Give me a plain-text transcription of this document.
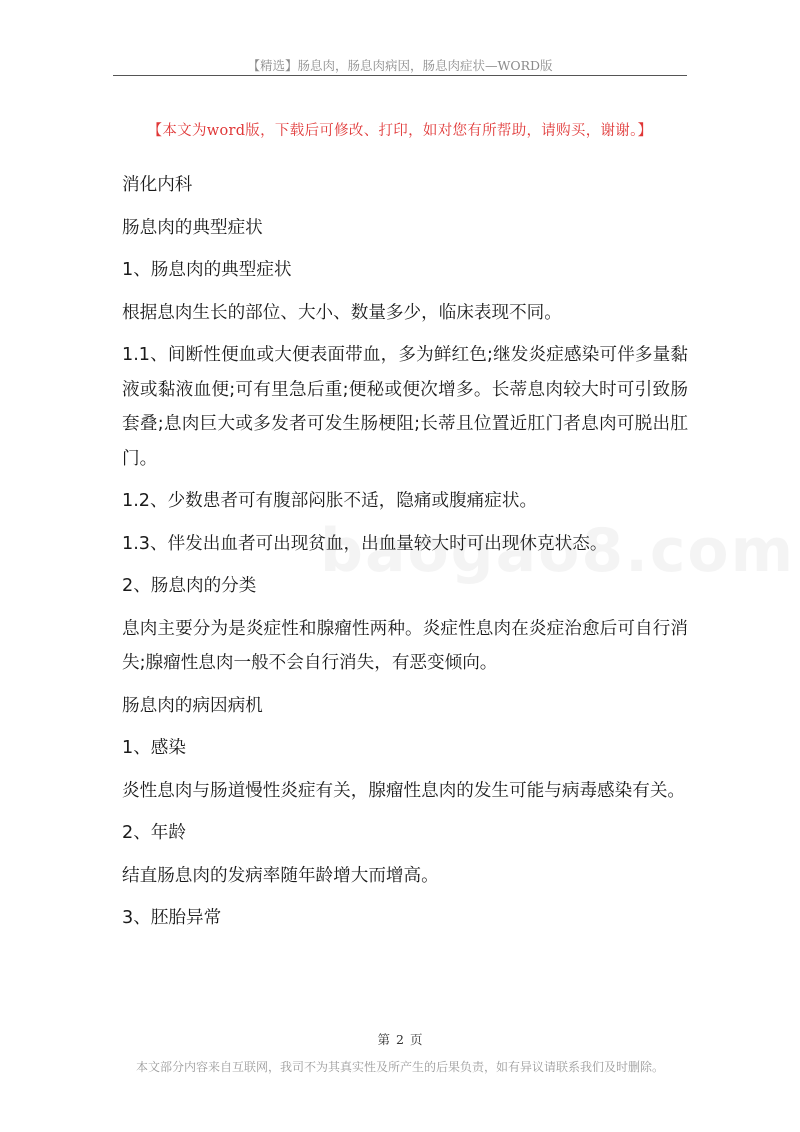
【精选】肠息肉，肠息肉病因，肠息肉症状—WORD版
【本文为word版，下载后可修改、打印，如对您有所帮助，请购买，谢谢。】

消化内科

肠息肉的典型症状

1、肠息肉的典型症状

根据息肉生长的部位、大小、数量多少，临床表现不同。

1.1、间断性便血或大便表面带血，多为鲜红色;继发炎症感染可伴多量黏液或黏液血便;可有里急后重;便秘或便次增多。长蒂息肉较大时可引致肠套叠;息肉巨大或多发者可发生肠梗阻;长蒂且位置近肛门者息肉可脱出肛门。

1.2、少数患者可有腹部闷胀不适，隐痛或腹痛症状。

1.3、伴发出血者可出现贫血，出血量较大时可出现休克状态。

2、肠息肉的分类

息肉主要分为是炎症性和腺瘤性两种。炎症性息肉在炎症治愈后可自行消失;腺瘤性息肉一般不会自行消失，有恶变倾向。

肠息肉的病因病机

1、感染

炎性息肉与肠道慢性炎症有关，腺瘤性息肉的发生可能与病毒感染有关。

2、年龄

结直肠息肉的发病率随年龄增大而增高。

3、胚胎异常

第 2 页
本文部分内容来自互联网，我司不为其真实性及所产生的后果负责，如有异议请联系我们及时删除。
